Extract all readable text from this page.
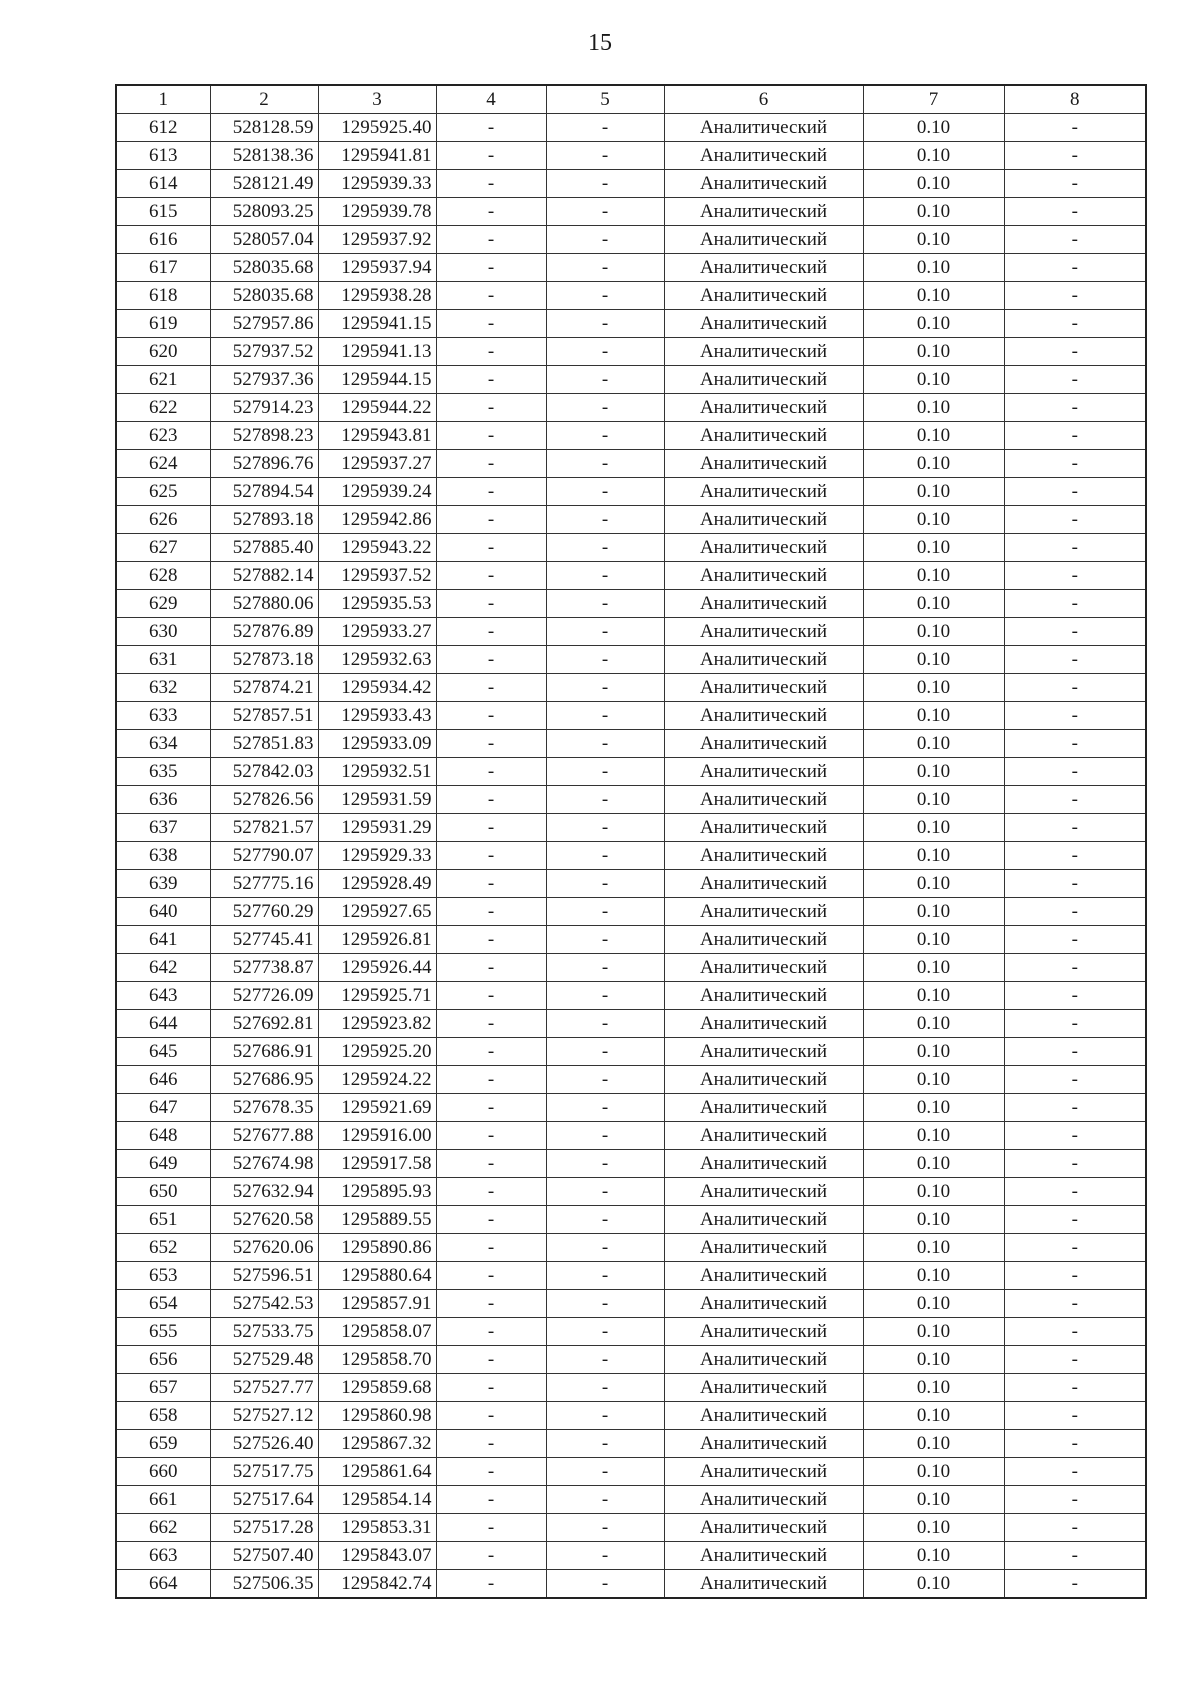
15
1	2	3	4	5	6	7	8
612	528128.59	1295925.40	-	-	Аналитический	0.10	-
613	528138.36	1295941.81	-	-	Аналитический	0.10	-
614	528121.49	1295939.33	-	-	Аналитический	0.10	-
615	528093.25	1295939.78	-	-	Аналитический	0.10	-
616	528057.04	1295937.92	-	-	Аналитический	0.10	-
617	528035.68	1295937.94	-	-	Аналитический	0.10	-
618	528035.68	1295938.28	-	-	Аналитический	0.10	-
619	527957.86	1295941.15	-	-	Аналитический	0.10	-
620	527937.52	1295941.13	-	-	Аналитический	0.10	-
621	527937.36	1295944.15	-	-	Аналитический	0.10	-
622	527914.23	1295944.22	-	-	Аналитический	0.10	-
623	527898.23	1295943.81	-	-	Аналитический	0.10	-
624	527896.76	1295937.27	-	-	Аналитический	0.10	-
625	527894.54	1295939.24	-	-	Аналитический	0.10	-
626	527893.18	1295942.86	-	-	Аналитический	0.10	-
627	527885.40	1295943.22	-	-	Аналитический	0.10	-
628	527882.14	1295937.52	-	-	Аналитический	0.10	-
629	527880.06	1295935.53	-	-	Аналитический	0.10	-
630	527876.89	1295933.27	-	-	Аналитический	0.10	-
631	527873.18	1295932.63	-	-	Аналитический	0.10	-
632	527874.21	1295934.42	-	-	Аналитический	0.10	-
633	527857.51	1295933.43	-	-	Аналитический	0.10	-
634	527851.83	1295933.09	-	-	Аналитический	0.10	-
635	527842.03	1295932.51	-	-	Аналитический	0.10	-
636	527826.56	1295931.59	-	-	Аналитический	0.10	-
637	527821.57	1295931.29	-	-	Аналитический	0.10	-
638	527790.07	1295929.33	-	-	Аналитический	0.10	-
639	527775.16	1295928.49	-	-	Аналитический	0.10	-
640	527760.29	1295927.65	-	-	Аналитический	0.10	-
641	527745.41	1295926.81	-	-	Аналитический	0.10	-
642	527738.87	1295926.44	-	-	Аналитический	0.10	-
643	527726.09	1295925.71	-	-	Аналитический	0.10	-
644	527692.81	1295923.82	-	-	Аналитический	0.10	-
645	527686.91	1295925.20	-	-	Аналитический	0.10	-
646	527686.95	1295924.22	-	-	Аналитический	0.10	-
647	527678.35	1295921.69	-	-	Аналитический	0.10	-
648	527677.88	1295916.00	-	-	Аналитический	0.10	-
649	527674.98	1295917.58	-	-	Аналитический	0.10	-
650	527632.94	1295895.93	-	-	Аналитический	0.10	-
651	527620.58	1295889.55	-	-	Аналитический	0.10	-
652	527620.06	1295890.86	-	-	Аналитический	0.10	-
653	527596.51	1295880.64	-	-	Аналитический	0.10	-
654	527542.53	1295857.91	-	-	Аналитический	0.10	-
655	527533.75	1295858.07	-	-	Аналитический	0.10	-
656	527529.48	1295858.70	-	-	Аналитический	0.10	-
657	527527.77	1295859.68	-	-	Аналитический	0.10	-
658	527527.12	1295860.98	-	-	Аналитический	0.10	-
659	527526.40	1295867.32	-	-	Аналитический	0.10	-
660	527517.75	1295861.64	-	-	Аналитический	0.10	-
661	527517.64	1295854.14	-	-	Аналитический	0.10	-
662	527517.28	1295853.31	-	-	Аналитический	0.10	-
663	527507.40	1295843.07	-	-	Аналитический	0.10	-
664	527506.35	1295842.74	-	-	Аналитический	0.10	-
